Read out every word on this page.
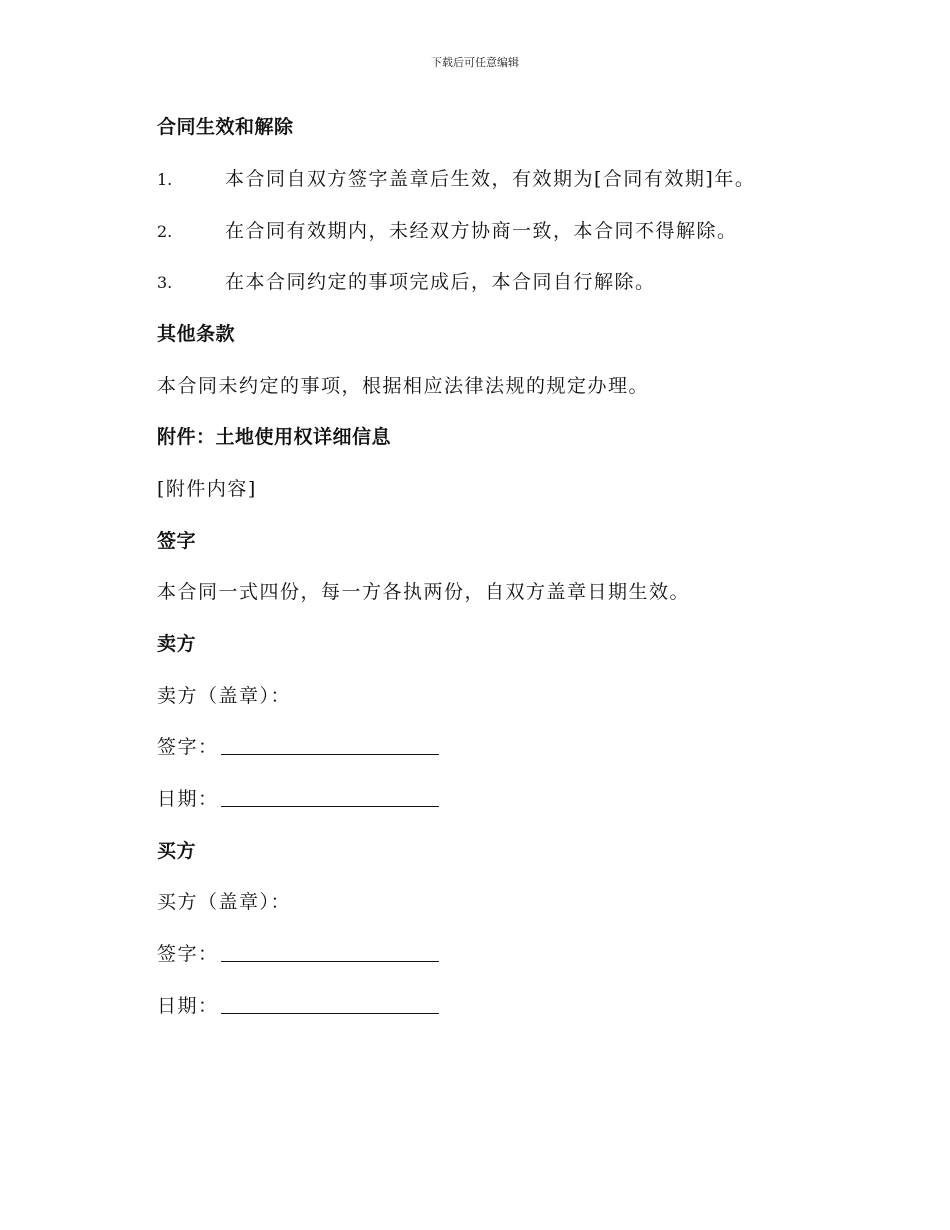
下载后可任意编辑
合同生效和解除
1.	本合同自双方签字盖章后生效，有效期为[合同有效期]年。
2.	在合同有效期内，未经双方协商一致，本合同不得解除。
3.	在本合同约定的事项完成后，本合同自行解除。
其他条款
本合同未约定的事项，根据相应法律法规的规定办理。
附件：土地使用权详细信息
[附件内容]
签字
本合同一式四份，每一方各执两份，自双方盖章日期生效。
卖方
卖方（盖章）：
签字：
日期：
买方
买方（盖章）：
签字：
日期：
